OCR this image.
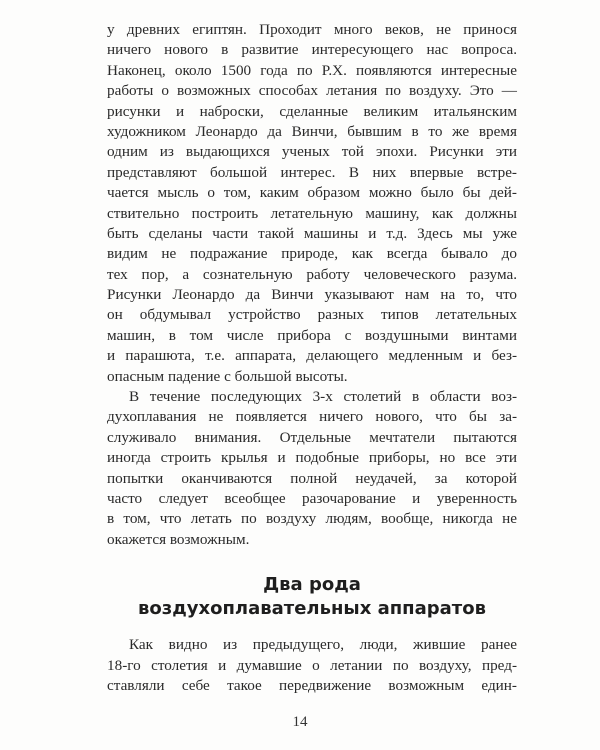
у древних египтян. Проходит много веков, не принося
ничего нового в развитие интересующего нас вопроса.
Наконец, около 1500 года по Р.Х. появляются интересные
работы о возможных способах летания по воздуху. Это —
рисунки и наброски, сделанные великим итальянским
художником Леонардо да Винчи, бывшим в то же время
одним из выдающихся ученых той эпохи. Рисунки эти
представляют большой интерес. В них впервые встре-
чается мысль о том, каким образом можно было бы дей-
ствительно построить летательную машину, как должны
быть сделаны части такой машины и т.д. Здесь мы уже
видим не подражание природе, как всегда бывало до
тех пор, а сознательную работу человеческого разума.
Рисунки Леонардо да Винчи указывают нам на то, что
он обдумывал устройство разных типов летательных
машин, в том числе прибора с воздушными винтами
и парашюта, т.е. аппарата, делающего медленным и без-
опасным падение с большой высоты.
В течение последующих 3-х столетий в области воз-
духоплавания не появляется ничего нового, что бы за-
служивало внимания. Отдельные мечтатели пытаются
иногда строить крылья и подобные приборы, но все эти
попытки оканчиваются полной неудачей, за которой
часто следует всеобщее разочарование и уверенность
в том, что летать по воздуху людям, вообще, никогда не
окажется возможным.
Два рода
воздухоплавательных аппаратов
Как видно из предыдущего, люди, жившие ранее
18-го столетия и думавшие о летании по воздуху, пред-
ставляли себе такое передвижение возможным един-
14
